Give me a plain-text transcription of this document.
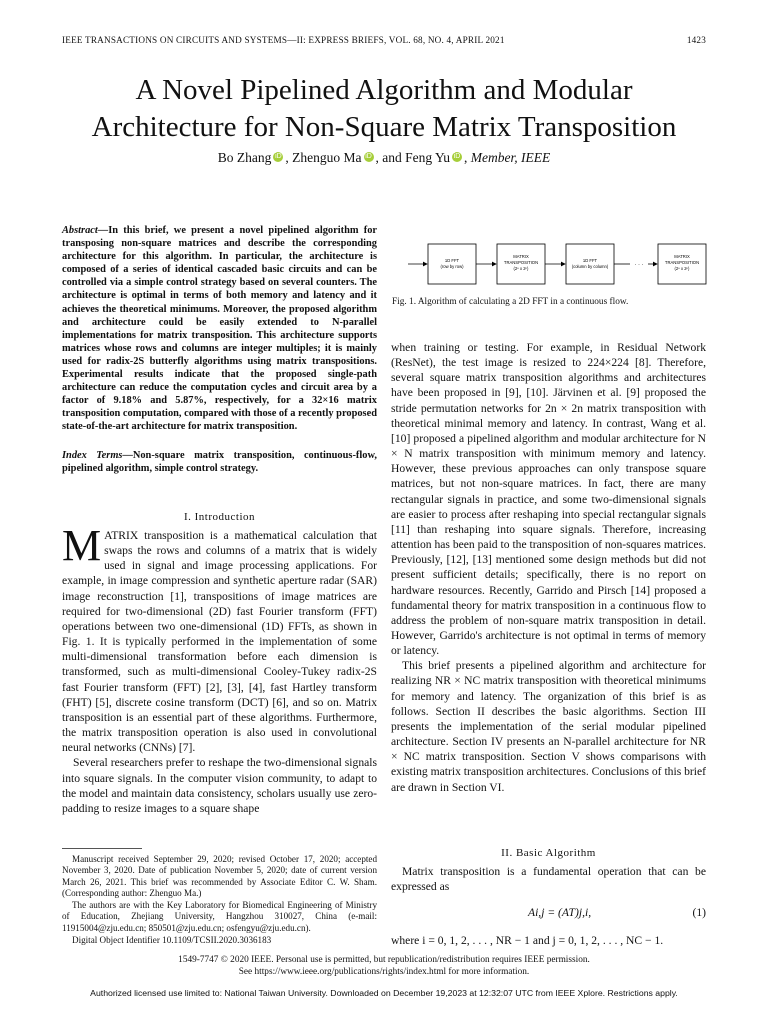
IEEE TRANSACTIONS ON CIRCUITS AND SYSTEMS—II: EXPRESS BRIEFS, VOL. 68, NO. 4, APRIL 2021	1423
A Novel Pipelined Algorithm and Modular
Architecture for Non-Square Matrix Transposition
Bo Zhang iD , Zhenguo Ma iD , and Feng Yu iD , Member, IEEE
Abstract—In this brief, we present a novel pipelined algorithm for transposing non-square matrices and describe the corresponding architecture for this algorithm. In particular, the architecture is composed of a series of identical cascaded basic circuits and can be controlled via a simple control strategy based on several counters. The architecture is optimal in terms of both memory and latency and it achieves the theoretical minimums. Moreover, the proposed algorithm and architecture could be easily extended to N-parallel implementations for matrix transposition. This architecture supports matrices whose rows and columns are integer multiples; it is mainly used for radix-2S butterfly algorithms using matrix transpositions. Experimental results indicate that the proposed single-path architecture can reduce the computation cycles and circuit area by a factor of 9.18% and 5.87%, respectively, for a 32×16 matrix transposition computation, compared with those of a recently proposed state-of-the-art architecture for matrix transposition.
Index Terms—Non-square matrix transposition, continuous-flow, pipelined algorithm, simple control strategy.
I. Introduction

MATRIX transposition is a mathematical calculation that swaps the rows and columns of a matrix that is widely used in signal and image processing applications. For example, in image compression and synthetic aperture radar (SAR) image reconstruction [1], transpositions of image matrices are required for two-dimensional (2D) fast Fourier transform (FFT) operations between two one-dimensional (1D) FFTs, as shown in Fig. 1. It is typically performed in the implementation of some multi-dimensional transformation before each dimension is transformed, such as multi-dimensional Cooley-Tukey radix-2S fast Fourier transform (FFT) [2], [3], [4], fast Hartley transform (FHT) [5], discrete cosine transform (DCT) [6], and so on. Matrix transposition is an essential part of these algorithms. Furthermore, the matrix transposition operation is also used in convolutional neural networks (CNNs) [7].

Several researchers prefer to reshape the two-dimensional signals into square signals. In the computer vision community, to adapt to the model and maintain data consistency, scholars usually use zero-padding to resize images to a square shape

Manuscript received September 29, 2020; revised October 17, 2020; accepted November 3, 2020. Date of publication November 5, 2020; date of current version March 26, 2021. This brief was recommended by Associate Editor C. W. Sham. (Corresponding author: Zhenguo Ma.)

The authors are with the Key Laboratory for Biomedical Engineering of Ministry of Education, Zhejiang University, Hangzhou 310027, China (e-mail: 11915004@zju.edu.cn; 850501@zju.edu.cn; osfengyu@zju.edu.cn).

Digital Object Identifier 10.1109/TCSII.2020.3036183

1D FFT
(row by row)
MATRIX
TRANSPOSITION
(2ⁿ x 2ⁿ)
1D FFT
(column by column)	· · ·
MATRIX
TRANSPOSITION
(2ⁿ x 2ⁿ)
Fig. 1. Algorithm of calculating a 2D FFT in a continuous flow.

when training or testing. For example, in Residual Network (ResNet), the test image is resized to 224×224 [8]. Therefore, several square matrix transposition algorithms and architectures have been proposed in [9], [10]. Järvinen et al. [9] proposed the stride permutation networks for 2n × 2n matrix transposition with theoretical minimal memory and latency. In contrast, Wang et al. [10] proposed a pipelined algorithm and modular architecture for N × N matrix transposition with minimum memory and latency. However, these previous approaches can only transpose square matrices, but not non-square matrices. In fact, there are many rectangular signals in practice, and some two-dimensional signals are easier to process after reshaping into special rectangular signals [11] than reshaping into square signals. Therefore, increasing attention has been paid to the transposition of non-squares matrices. Previously, [12], [13] mentioned some design methods but did not present sufficient details; specifically, there is no report on hardware resources. Recently, Garrido and Pirsch [14] proposed a fundamental theory for matrix transposition in a continuous flow to address the problem of non-square matrix transposition in detail. However, Garrido's architecture is not optimal in terms of memory or latency.

This brief presents a pipelined algorithm and architecture for realizing NR × NC matrix transposition with theoretical minimums for memory and latency. The organization of this brief is as follows. Section II describes the basic algorithms. Section III presents the implementation of the serial modular pipelined architecture. Section IV presents an N-parallel architecture for NR × NC matrix transposition. Section V shows comparisons with existing matrix transposition architectures. Conclusions of this brief are drawn in Section VI.

II. Basic Algorithm

Matrix transposition is a fundamental operation that can be expressed as

Ai,j = (AT)j,i,	(1)
where i = 0, 1, 2, . . . , NR − 1 and j = 0, 1, 2, . . . , NC − 1.
1549-7747 © 2020 IEEE. Personal use is permitted, but republication/redistribution requires IEEE permission.
See https://www.ieee.org/publications/rights/index.html for more information.
Authorized licensed use limited to: National Taiwan University. Downloaded on December 19,2023 at 12:32:07 UTC from IEEE Xplore. Restrictions apply.
